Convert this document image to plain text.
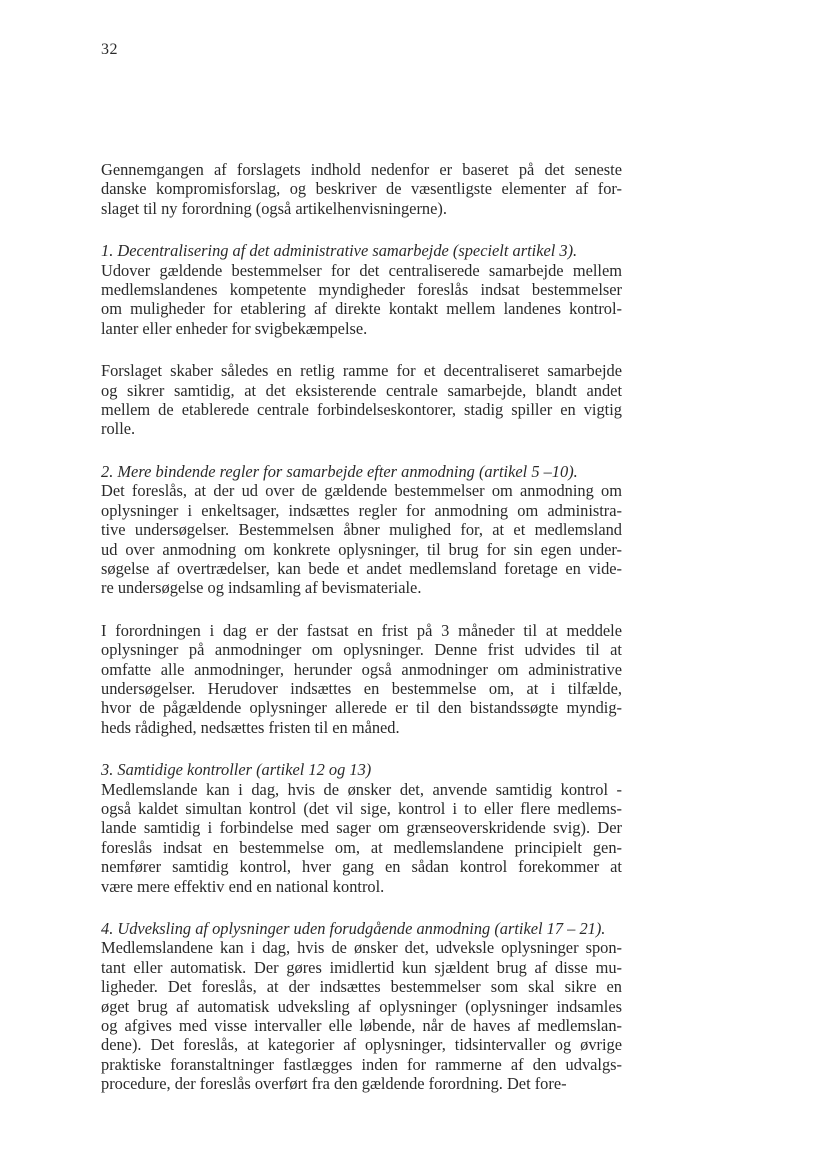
32

Gennemgangen af forslagets indhold nedenfor er baseret på det seneste
danske kompromisforslag, og beskriver de væsentligste elementer af for-
slaget til ny forordning (også artikelhenvisningerne).

1. Decentralisering af det administrative samarbejde (specielt artikel 3).

Udover gældende bestemmelser for det centraliserede samarbejde mellem
medlemslandenes kompetente myndigheder foreslås indsat bestemmelser
om muligheder for etablering af direkte kontakt mellem landenes kontrol-
lanter eller enheder for svigbekæmpelse.

Forslaget skaber således en retlig ramme for et decentraliseret samarbejde
og sikrer samtidig, at det eksisterende centrale samarbejde, blandt andet
mellem de etablerede centrale forbindelseskontorer, stadig spiller en vigtig
rolle.

2. Mere bindende regler for samarbejde efter anmodning (artikel 5 –10).

Det foreslås, at der ud over de gældende bestemmelser om anmodning om
oplysninger i enkeltsager, indsættes regler for anmodning om administra-
tive undersøgelser. Bestemmelsen åbner mulighed for, at et medlemsland
ud over anmodning om konkrete oplysninger, til brug for sin egen under-
søgelse af overtrædelser, kan bede et andet medlemsland foretage en vide-
re undersøgelse og indsamling af bevismateriale.

I forordningen i dag er der fastsat en frist på 3 måneder til at meddele
oplysninger på anmodninger om oplysninger. Denne frist udvides til at
omfatte alle anmodninger, herunder også anmodninger om administrative
undersøgelser. Herudover indsættes en bestemmelse om, at i tilfælde,
hvor de pågældende oplysninger allerede er til den bistandssøgte myndig-
heds rådighed, nedsættes fristen til en måned.

3. Samtidige kontroller (artikel 12 og 13)

Medlemslande kan i dag, hvis de ønsker det, anvende samtidig kontrol -
også kaldet simultan kontrol (det vil sige, kontrol i to eller flere medlems-
lande samtidig i forbindelse med sager om grænseoverskridende svig). Der
foreslås indsat en bestemmelse om, at medlemslandene principielt gen-
nemfører samtidig kontrol, hver gang en sådan kontrol forekommer at
være mere effektiv end en national kontrol.

4. Udveksling af oplysninger uden forudgående anmodning (artikel 17 – 21).

Medlemslandene kan i dag, hvis de ønsker det, udveksle oplysninger spon-
tant eller automatisk. Der gøres imidlertid kun sjældent brug af disse mu-
ligheder. Det foreslås, at der indsættes bestemmelser som skal sikre en
øget brug af automatisk udveksling af oplysninger (oplysninger indsamles
og afgives med visse intervaller elle løbende, når de haves af medlemslan-
dene). Det foreslås, at kategorier af oplysninger, tidsintervaller og øvrige
praktiske foranstaltninger fastlægges inden for rammerne af den udvalgs-
procedure, der foreslås overført fra den gældende forordning. Det fore-
